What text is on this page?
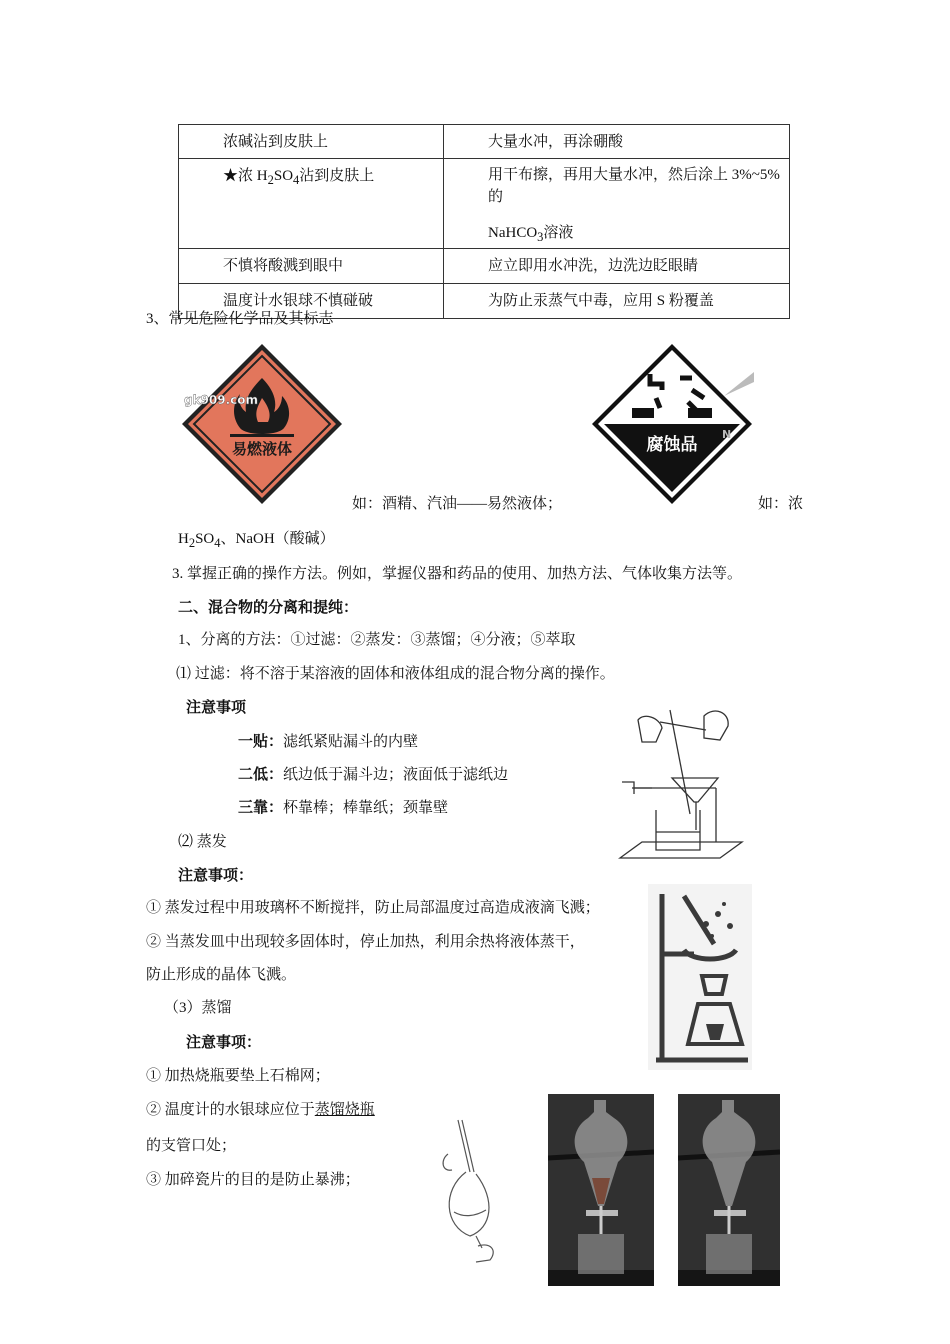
浓碱沾到皮肤上	大量水冲，再涂硼酸
★浓 $H_2SO_4$沾到皮肤上	用干布擦，再用大量水冲，然后涂上 3%~5%的
NaHCO$_3$溶液

不慎将酸溅到眼中	应立即用水冲洗，边洗边眨眼睛
温度计水银球不慎碰破	为防止汞蒸气中毒，应用 S 粉覆盖
3、常见危险化学品及其标志
易燃液体
gk909.com
腐蚀品
N
如：酒精、汽油——易然液体；	如：浓
$H_2SO_4$、NaOH（酸碱）
3. 掌握正确的操作方法。例如，掌握仪器和药品的使用、加热方法、气体收集方法等。
二、混合物的分离和提纯：
1、分离的方法：①过滤：②蒸发：③蒸馏；④分液；⑤萃取
⑴ 过滤：将不溶于某溶液的固体和液体组成的混合物分离的操作。
注意事项
一贴：滤纸紧贴漏斗的内壁
二低：纸边低于漏斗边；液面低于滤纸边
三靠：杯靠棒；棒靠纸；颈靠壁
⑵ 蒸发
注意事项：
① 蒸发过程中用玻璃杯不断搅拌，防止局部温度过高造成液滴飞溅；
② 当蒸发皿中出现较多固体时，停止加热，利用余热将液体蒸干，
防止形成的晶体飞溅。
（3）蒸馏
注意事项：
① 加热烧瓶要垫上石棉网；
② 温度计的水银球应位于蒸馏烧瓶
的支管口处；
③ 加碎瓷片的目的是防止暴沸；
